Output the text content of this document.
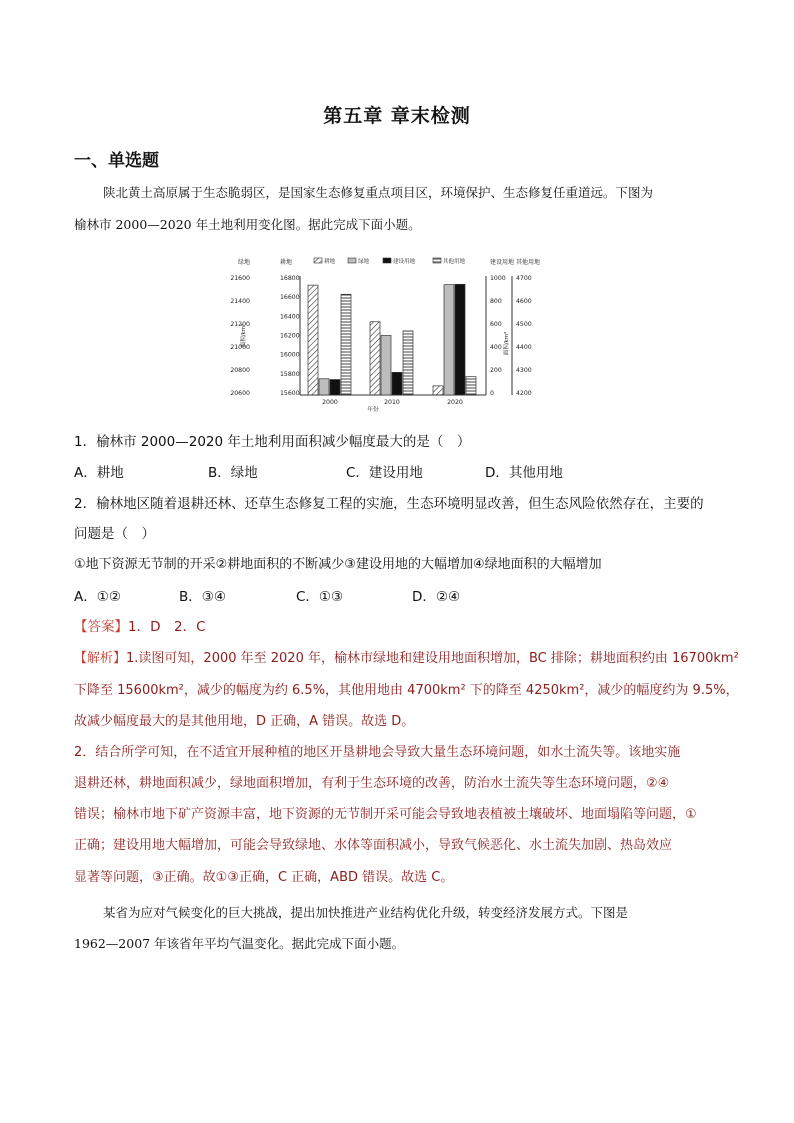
第五章 章末检测
一、单选题
陕北黄土高原属于生态脆弱区，是国家生态修复重点项目区，环境保护、生态修复任重道远。下图为
榆林市 2000—2020 年土地利用变化图。据此完成下面小题。
绿地
21600
21400
21200
21000
20800
20600
耕地
16800
16600
16400
16200
16000
15800
15600
建设用地
1000
800
600
400
200
0
其他用地
4700
4600
4500
4400
4300
4200
面积/km²	面积/km²
耕地	绿地	建设用地	其他用地
2000	2010	2020
年份
1．榆林市 2000—2020 年土地利用面积减少幅度最大的是（　）
A．耕地	B．绿地	C．建设用地	D．其他用地
2．榆林地区随着退耕还林、还草生态修复工程的实施，生态环境明显改善，但生态风险依然存在，主要的
问题是（　）
①地下资源无节制的开采②耕地面积的不断减少③建设用地的大幅增加④绿地面积的大幅增加
A．①②	B．③④	C．①③	D．②④
【答案】1．D　2．C
【解析】1.读图可知，2000 年至 2020 年，榆林市绿地和建设用地面积增加，BC 排除；耕地面积约由 16700km²
下降至 15600km²，减少的幅度为约 6.5%，其他用地由 4700km² 下的降至 4250km²，减少的幅度约为 9.5%，
故减少幅度最大的是其他用地，D 正确，A 错误。故选 D。
2．结合所学可知，在不适宜开展种植的地区开垦耕地会导致大量生态环境问题，如水土流失等。该地实施
退耕还林，耕地面积减少，绿地面积增加，有利于生态环境的改善，防治水土流失等生态环境问题，②④
错误；榆林市地下矿产资源丰富，地下资源的无节制开采可能会导致地表植被土壤破坏、地面塌陷等问题，①
正确；建设用地大幅增加，可能会导致绿地、水体等面积减小，导致气候恶化、水土流失加剧、热岛效应
显著等问题，③正确。故①③正确，C 正确，ABD 错误。故选 C。
某省为应对气候变化的巨大挑战，提出加快推进产业结构优化升级，转变经济发展方式。下图是
1962—2007 年该省年平均气温变化。据此完成下面小题。
